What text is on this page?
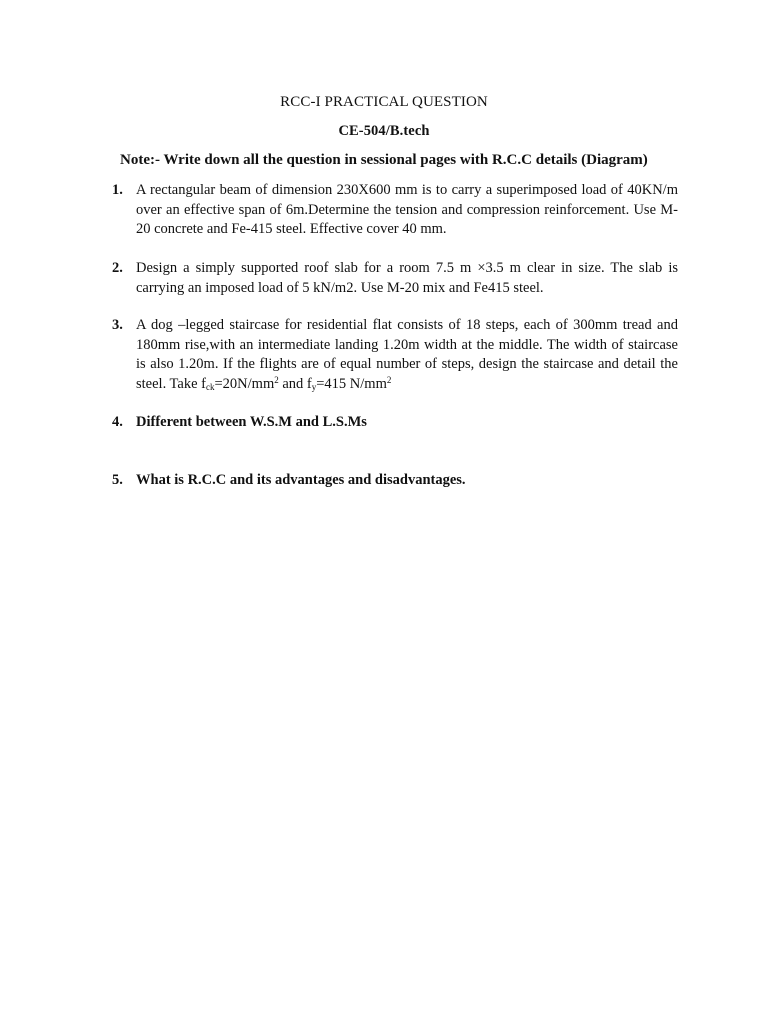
RCC-I PRACTICAL QUESTION
CE-504/B.tech
Note:- Write down all the question in sessional pages with R.C.C details (Diagram)
1. A rectangular beam of dimension 230X600 mm is to carry a superimposed load of 40KN/m over an effective span of 6m.Determine the tension and compression reinforcement. Use M-20 concrete and Fe-415 steel. Effective cover 40 mm.
2. Design a simply supported roof slab for a room 7.5 m ×3.5 m clear in size. The slab is carrying an imposed load of 5 kN/m2. Use M-20 mix and Fe415 steel.
3. A dog –legged staircase for residential flat consists of 18 steps, each of 300mm tread and 180mm rise,with an intermediate landing 1.20m width at the middle. The width of staircase is also 1.20m. If the flights are of equal number of steps, design the staircase and detail the steel. Take $f_{ck}=20N/mm^2$ and $f_y=415$ $N/mm^2$
4. Different between W.S.M and L.S.Ms
5. What is R.C.C and its advantages and disadvantages.
